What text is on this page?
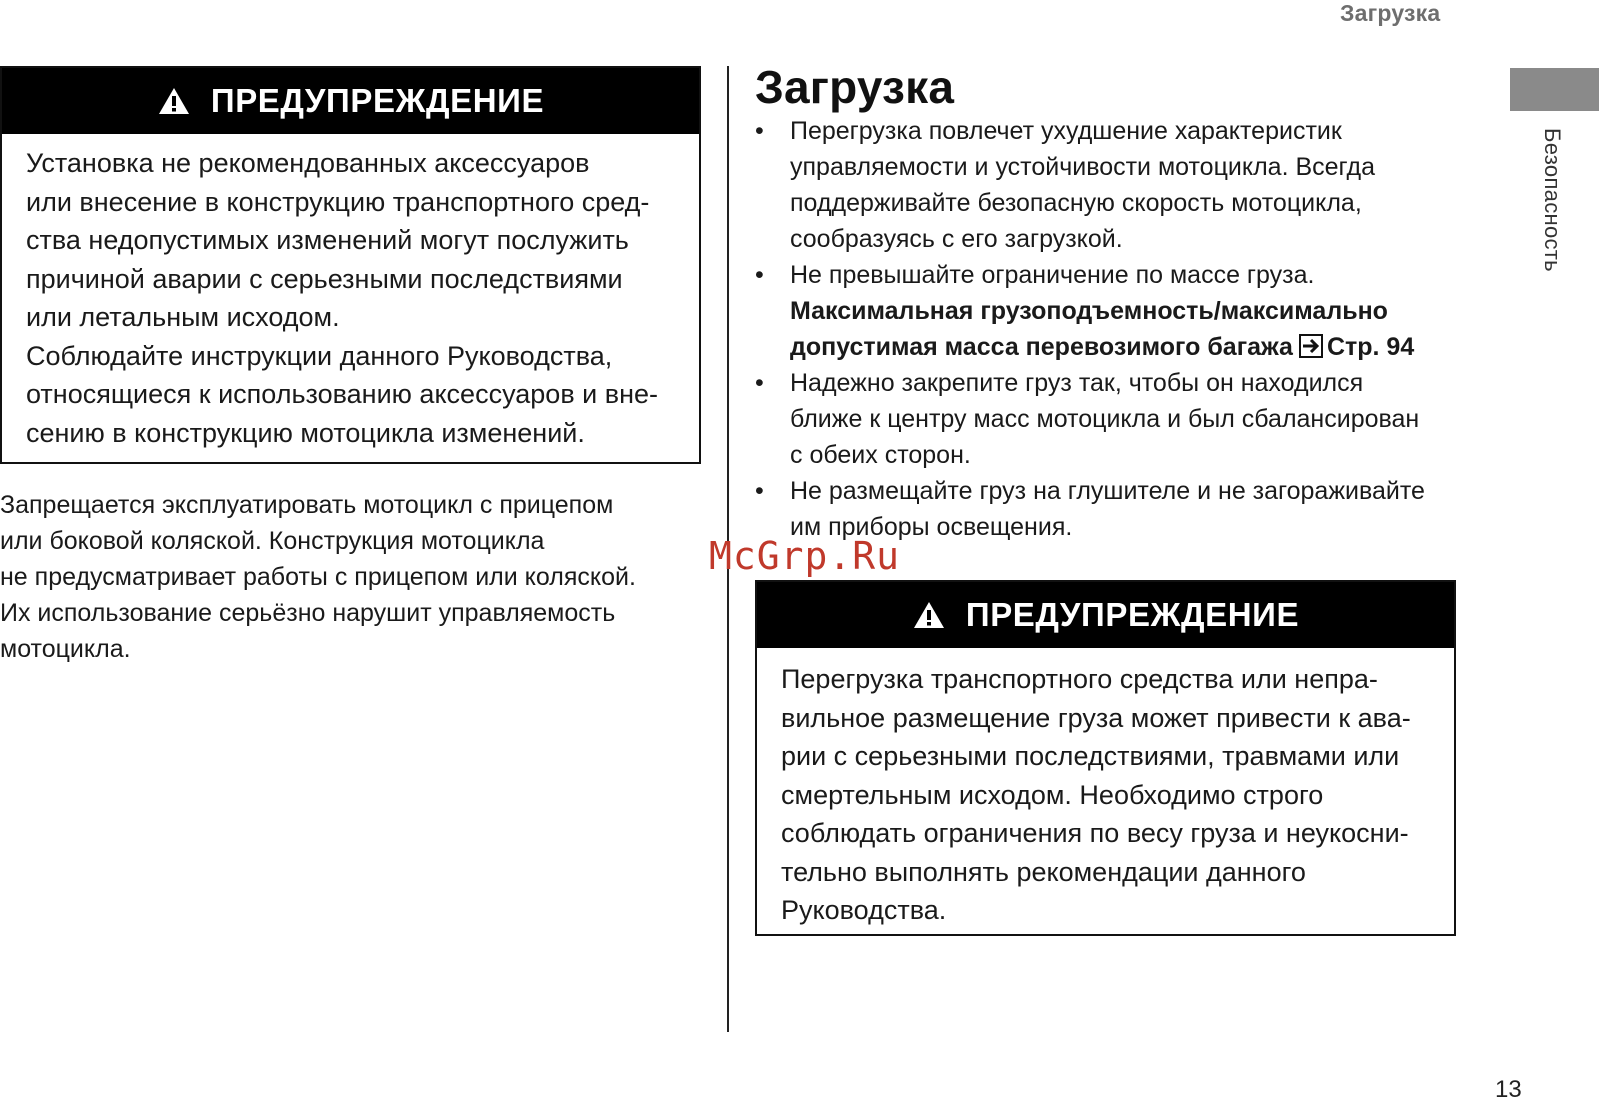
Загрузка
Безопасность
ПРЕДУПРЕЖДЕНИЕ

Установка не рекомендованных аксессуаров
или внесение в конструкцию транспортного сред-
ства недопустимых изменений могут послужить
причиной аварии с серьезными последствиями
или летальным исходом.

Соблюдайте инструкции данного Руководства,
относящиеся к использованию аксессуаров и вне-
сению в конструкцию мотоцикла изменений.

Запрещается эксплуатировать мотоцикл с прицепом
или боковой коляской. Конструкция мотоцикла
не предусматривает работы с прицепом или коляской.
Их использование серьёзно нарушит управляемость
мотоцикла.

Загрузка
• Перегрузка повлечет ухудшение характеристик
управляемости и устойчивости мотоцикла. Всегда
поддерживайте безопасную скорость мотоцикла,
сообразуясь с его загрузкой.
• Не превышайте ограничение по массе груза.
Максимальная грузоподъемность/максимально
допустимая масса перевозимого багажа Стр. 94
• Надежно закрепите груз так, чтобы он находился
ближе к центру масс мотоцикла и был сбалансирован
с обеих сторон.
• Не размещайте груз на глушителе и не загораживайте
им приборы освещения.
McGrp.Ru
ПРЕДУПРЕЖДЕНИЕ

Перегрузка транспортного средства или непра-
вильное размещение груза может привести к ава-
рии с серьезными последствиями, травмами или
смертельным исходом. Необходимо строго
соблюдать ограничения по весу груза и неукосни-
тельно выполнять рекомендации данного
Руководства.

13
